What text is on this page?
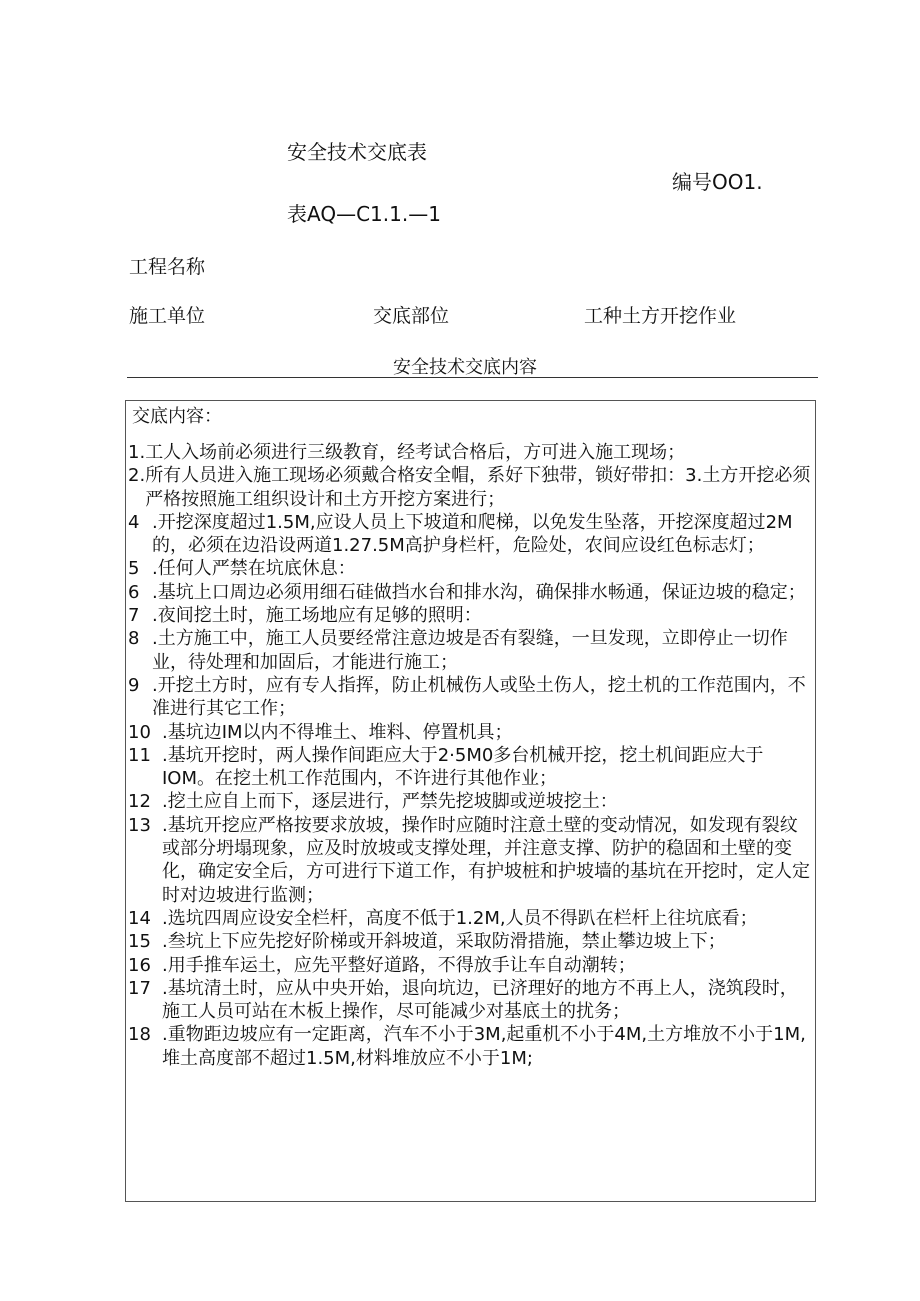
安全技术交底表
编号OO1.
表AQ—C1.1.—1
工程名称
施工单位	交底部位	工种土方开挖作业
安全技术交底内容
交底内容：
1. 工人入场前必须进行三级教育，经考试合格后，方可进入施工现场；
2. 所有人员进入施工现场必须戴合格安全帽，系好下独带，锁好带扣：3.土方开挖必须严格按照施工组织设计和土方开挖方案进行；
4 .开挖深度超过1.5M,应设人员上下坡道和爬梯，以免发生坠落，开挖深度超过2M的，必须在边沿设两道1.27.5M高护身栏杆，危险处，农间应设红色标志灯；
5 .任何人严禁在坑底休息：
6 .基坑上口周边必须用细石硅做挡水台和排水沟，确保排水畅通，保证边坡的稳定；
7 .夜间挖土时，施工场地应有足够的照明：
8 .土方施工中，施工人员要经常注意边坡是否有裂缝，一旦发现，立即停止一切作业，待处理和加固后，才能进行施工；
9 .开挖土方时，应有专人指挥，防止机械伤人或坠土伤人，挖土机的工作范围内，不准进行其它工作；
10 .基坑边IM以内不得堆土、堆料、停置机具；
11 .基坑开挖时，两人操作间距应大于2·5M0多台机械开挖，挖土机间距应大于IOM。在挖土机工作范围内，不许进行其他作业；
12 .挖土应自上而下，逐层进行，严禁先挖坡脚或逆坡挖土：
13 .基坑开挖应严格按要求放坡，操作时应随时注意土壁的变动情况，如发现有裂纹或部分坍塌现象，应及时放坡或支撑处理，并注意支撑、防护的稳固和土壁的变化，确定安全后，方可进行下道工作，有护坡桩和护坡墙的基坑在开挖时，定人定时对边坡进行监测；
14 .选坑四周应设安全栏杆，高度不低于1.2M,人员不得趴在栏杆上往坑底看；
15 .叁坑上下应先挖好阶梯或开斜坡道，采取防滑措施，禁止攀边坡上下；
16 .用手推车运土，应先平整好道路，不得放手让车自动潮转；
17 .基坑清土时，应从中央开始，退向坑边，已济理好的地方不再上人，浇筑段时，施工人员可站在木板上操作，尽可能减少对基底土的扰务；
18 .重物距边坡应有一定距离，汽车不小于3M,起重机不小于4M,土方堆放不小于1M,堆土高度部不超过1.5M,材料堆放应不小于1M;
